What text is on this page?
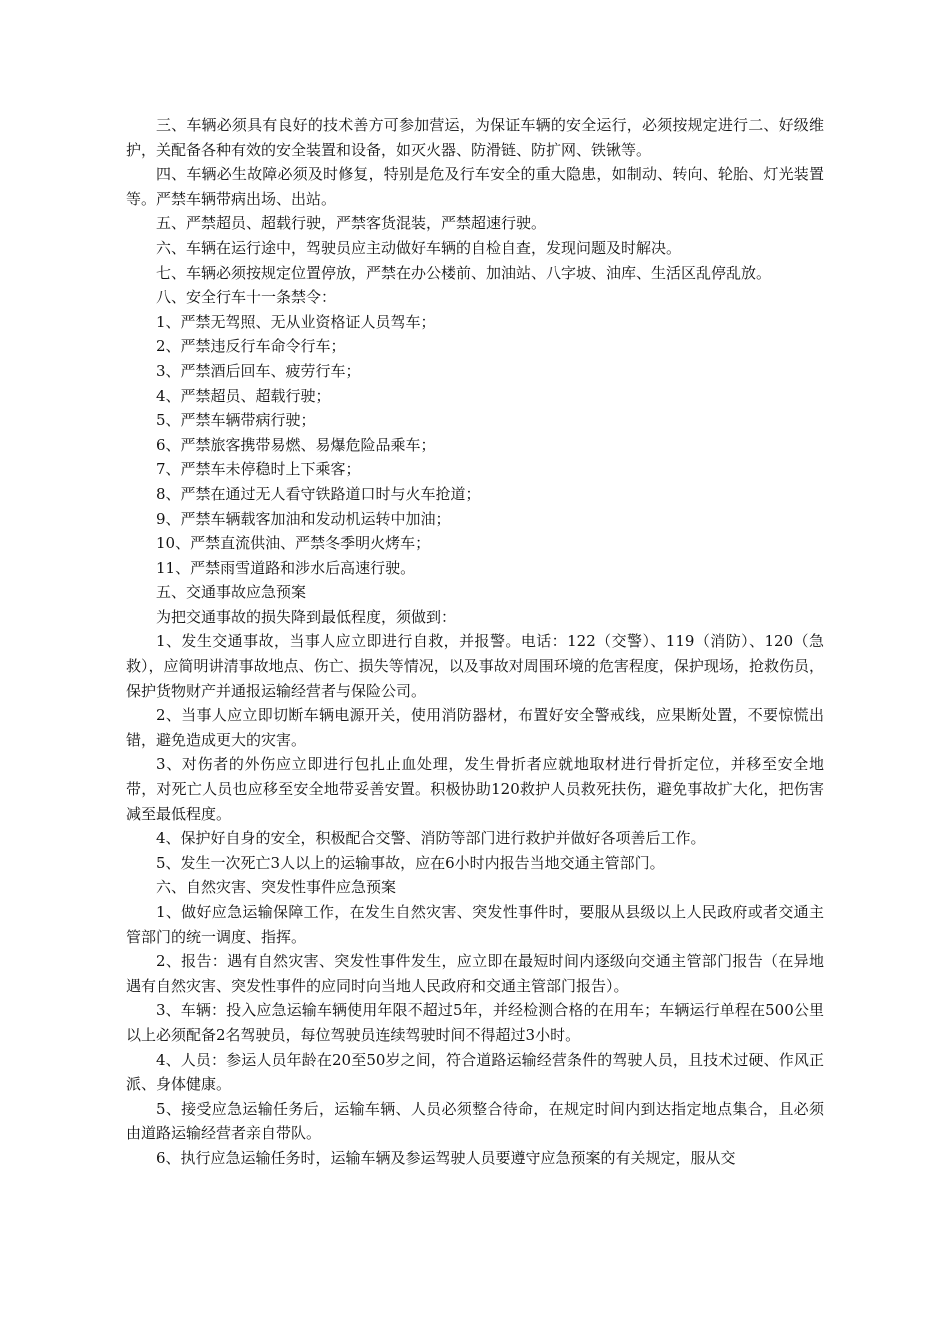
三、车辆必须具有良好的技术善方可参加营运，为保证车辆的安全运行，必须按规定进行二、好级维护，关配备各种有效的安全装置和设备，如灭火器、防滑链、防扩网、铁锹等。

四、车辆必生故障必须及时修复，特别是危及行车安全的重大隐患，如制动、转向、轮胎、灯光装置等。严禁车辆带病出场、出站。

五、严禁超员、超载行驶，严禁客货混装，严禁超速行驶。

六、车辆在运行途中，驾驶员应主动做好车辆的自检自查，发现问题及时解决。

七、车辆必须按规定位置停放，严禁在办公楼前、加油站、八字坡、油库、生活区乱停乱放。

八、安全行车十一条禁令：

1、严禁无驾照、无从业资格证人员驾车；

2、严禁违反行车命令行车；

3、严禁酒后回车、疲劳行车；

4、严禁超员、超载行驶；

5、严禁车辆带病行驶；

6、严禁旅客携带易燃、易爆危险品乘车；

7、严禁车未停稳时上下乘客；

8、严禁在通过无人看守铁路道口时与火车抢道；

9、严禁车辆载客加油和发动机运转中加油；

10、严禁直流供油、严禁冬季明火烤车；

11、严禁雨雪道路和涉水后高速行驶。

五、交通事故应急预案

为把交通事故的损失降到最低程度，须做到：

1、发生交通事故，当事人应立即进行自救，并报警。电话：122（交警）、119（消防）、120（急救），应简明讲清事故地点、伤亡、损失等情况，以及事故对周围环境的危害程度，保护现场，抢救伤员，保护货物财产并通报运输经营者与保险公司。

2、当事人应立即切断车辆电源开关，使用消防器材，布置好安全警戒线，应果断处置，不要惊慌出错，避免造成更大的灾害。

3、对伤者的外伤应立即进行包扎止血处理，发生骨折者应就地取材进行骨折定位，并移至安全地带，对死亡人员也应移至安全地带妥善安置。积极协助120救护人员救死扶伤，避免事故扩大化，把伤害减至最低程度。

4、保护好自身的安全，积极配合交警、消防等部门进行救护并做好各项善后工作。

5、发生一次死亡3人以上的运输事故，应在6小时内报告当地交通主管部门。

六、自然灾害、突发性事件应急预案

1、做好应急运输保障工作，在发生自然灾害、突发性事件时，要服从县级以上人民政府或者交通主管部门的统一调度、指挥。

2、报告：遇有自然灾害、突发性事件发生，应立即在最短时间内逐级向交通主管部门报告（在异地遇有自然灾害、突发性事件的应同时向当地人民政府和交通主管部门报告）。

3、车辆：投入应急运输车辆使用年限不超过5年，并经检测合格的在用车；车辆运行单程在500公里以上必须配备2名驾驶员，每位驾驶员连续驾驶时间不得超过3小时。

4、人员：参运人员年龄在20至50岁之间，符合道路运输经营条件的驾驶人员，且技术过硬、作风正派、身体健康。

5、接受应急运输任务后，运输车辆、人员必须整合待命，在规定时间内到达指定地点集合，且必须由道路运输经营者亲自带队。

6、执行应急运输任务时，运输车辆及参运驾驶人员要遵守应急预案的有关规定，服从交
